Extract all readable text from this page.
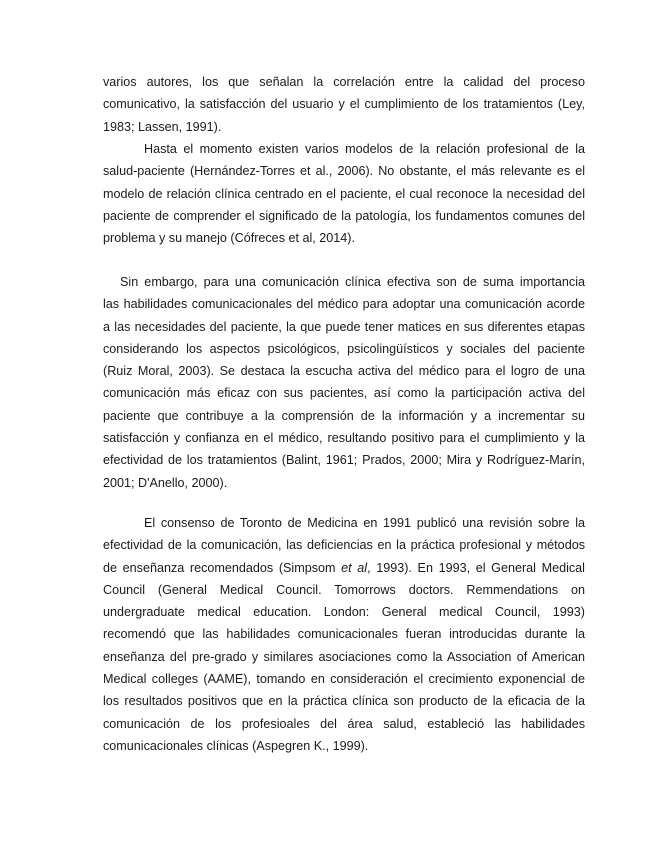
varios autores, los que señalan la correlación entre la calidad del proceso
comunicativo, la satisfacción del usuario y el cumplimiento de los tratamientos (Ley,
1983; Lassen, 1991).
Hasta el momento existen varios modelos de la relación profesional de la
salud-paciente (Hernández-Torres et al., 2006). No obstante, el más relevante es el
modelo de relación clínica centrado en el paciente, el cual reconoce la necesidad del
paciente de comprender el significado de la patología, los fundamentos comunes del
problema y su manejo (Cófreces et al, 2014).
Sin embargo, para una comunicación clínica efectiva son de suma importancia
las habilidades comunicacionales del médico para adoptar una comunicación acorde
a las necesidades del paciente, la que puede tener matices en sus diferentes etapas
considerando los aspectos psicológicos, psicolingüísticos y sociales del paciente
(Ruiz Moral, 2003). Se destaca la escucha activa del médico para el logro de una
comunicación más eficaz con sus pacientes, así como la participación activa del
paciente que contribuye a la comprensión de la información y a incrementar su
satisfacción y confianza en el médico, resultando positivo para el cumplimiento y la
efectividad de los tratamientos (Balint, 1961; Prados, 2000; Mira y Rodríguez-Marín,
2001; D'Anello, 2000).
El consenso de Toronto de Medicina en 1991 publicó una revisión sobre la
efectividad de la comunicación, las deficiencias en la práctica profesional y métodos
de enseñanza recomendados (Simpsom et al, 1993). En 1993, el General Medical
Council (General Medical Council. Tomorrows doctors. Remmendations on
undergraduate medical education. London: General medical Council, 1993)
recomendó que las habilidades comunicacionales fueran introducidas durante la
enseñanza del pre-grado y similares asociaciones como la Association of American
Medical colleges (AAME), tomando en consideración el crecimiento exponencial de
los resultados positivos que en la práctica clínica son producto de la eficacia de la
comunicación de los profesioales del área salud, estableció las habilidades
comunicacionales clínicas (Aspegren K., 1999).
